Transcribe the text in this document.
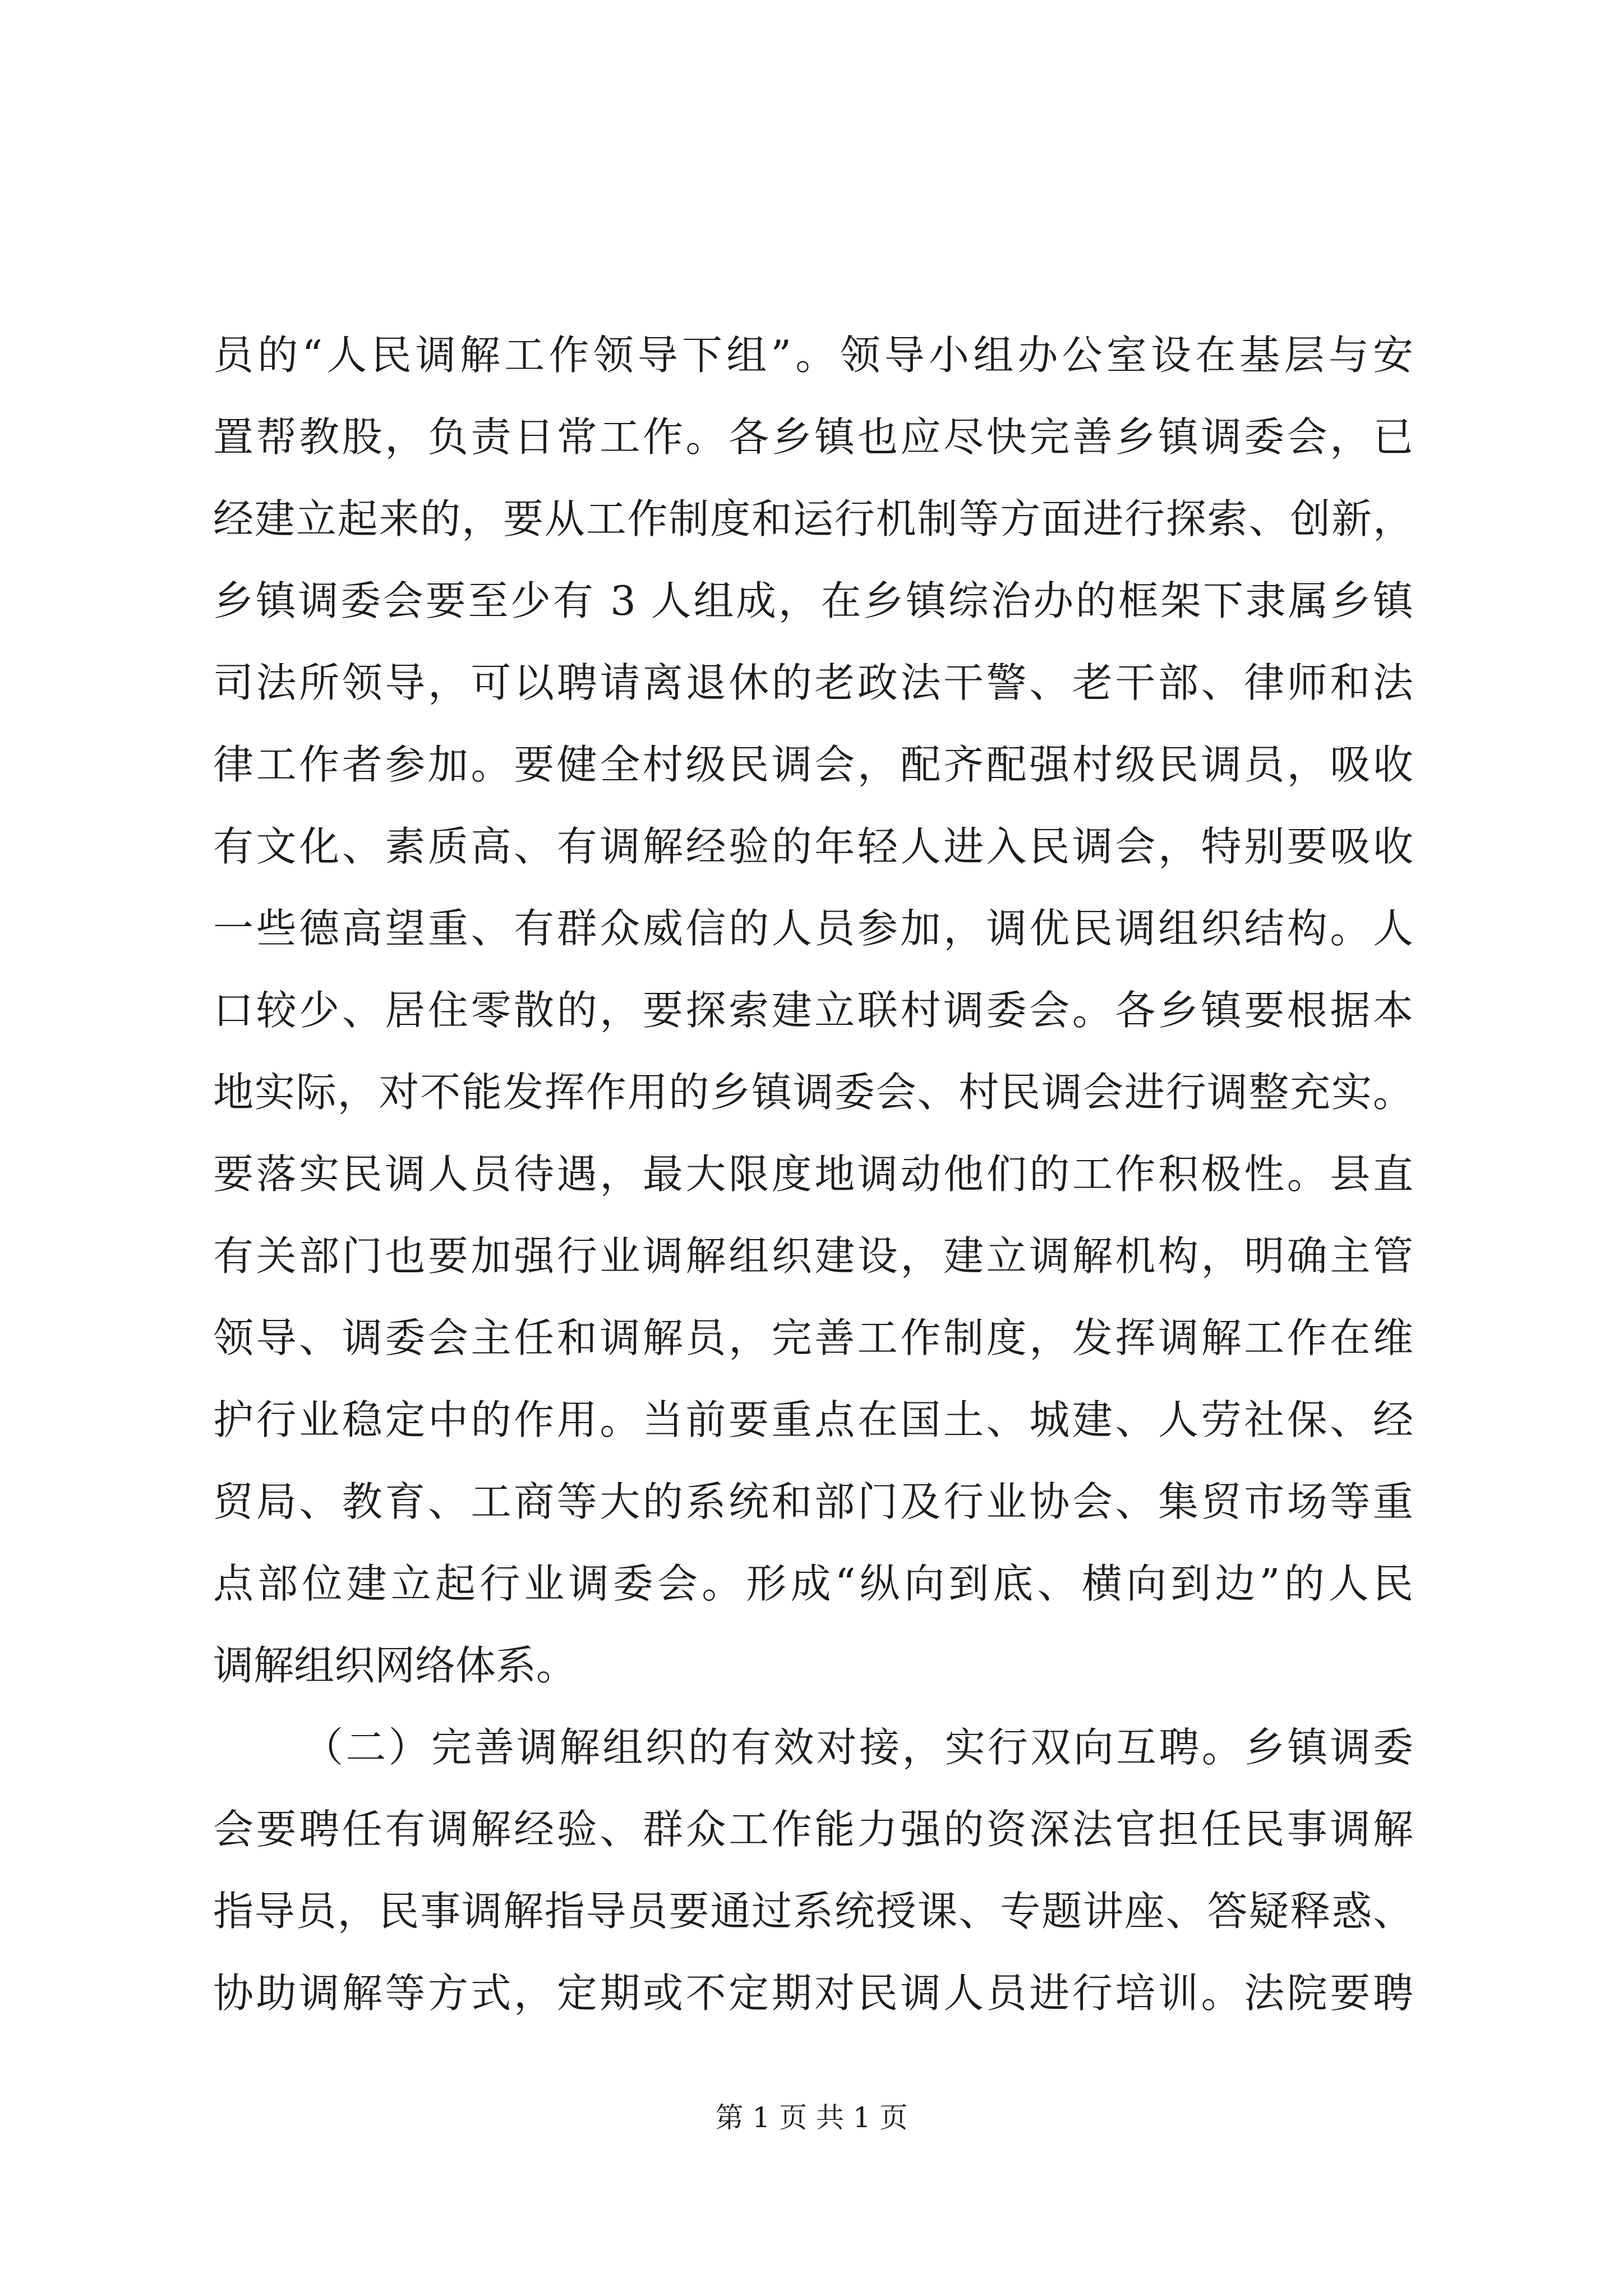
员的“人民调解工作领导下组”。领导小组办公室设在基层与安
置帮教股，负责日常工作。各乡镇也应尽快完善乡镇调委会，已
经建立起来的，要从工作制度和运行机制等方面进行探索、创新，
乡镇调委会要至少有 3 人组成，在乡镇综治办的框架下隶属乡镇
司法所领导，可以聘请离退休的老政法干警、老干部、律师和法
律工作者参加。要健全村级民调会，配齐配强村级民调员，吸收
有文化、素质高、有调解经验的年轻人进入民调会，特别要吸收
一些德高望重、有群众威信的人员参加，调优民调组织结构。人
口较少、居住零散的，要探索建立联村调委会。各乡镇要根据本
地实际，对不能发挥作用的乡镇调委会、村民调会进行调整充实。
要落实民调人员待遇，最大限度地调动他们的工作积极性。县直
有关部门也要加强行业调解组织建设，建立调解机构，明确主管
领导、调委会主任和调解员，完善工作制度，发挥调解工作在维
护行业稳定中的作用。当前要重点在国土、城建、人劳社保、经
贸局、教育、工商等大的系统和部门及行业协会、集贸市场等重
点部位建立起行业调委会。形成“纵向到底、横向到边”的人民
调解组织网络体系。
（二）完善调解组织的有效对接，实行双向互聘。乡镇调委
会要聘任有调解经验、群众工作能力强的资深法官担任民事调解
指导员，民事调解指导员要通过系统授课、专题讲座、答疑释惑、
协助调解等方式，定期或不定期对民调人员进行培训。法院要聘
第 1 页 共 1 页
